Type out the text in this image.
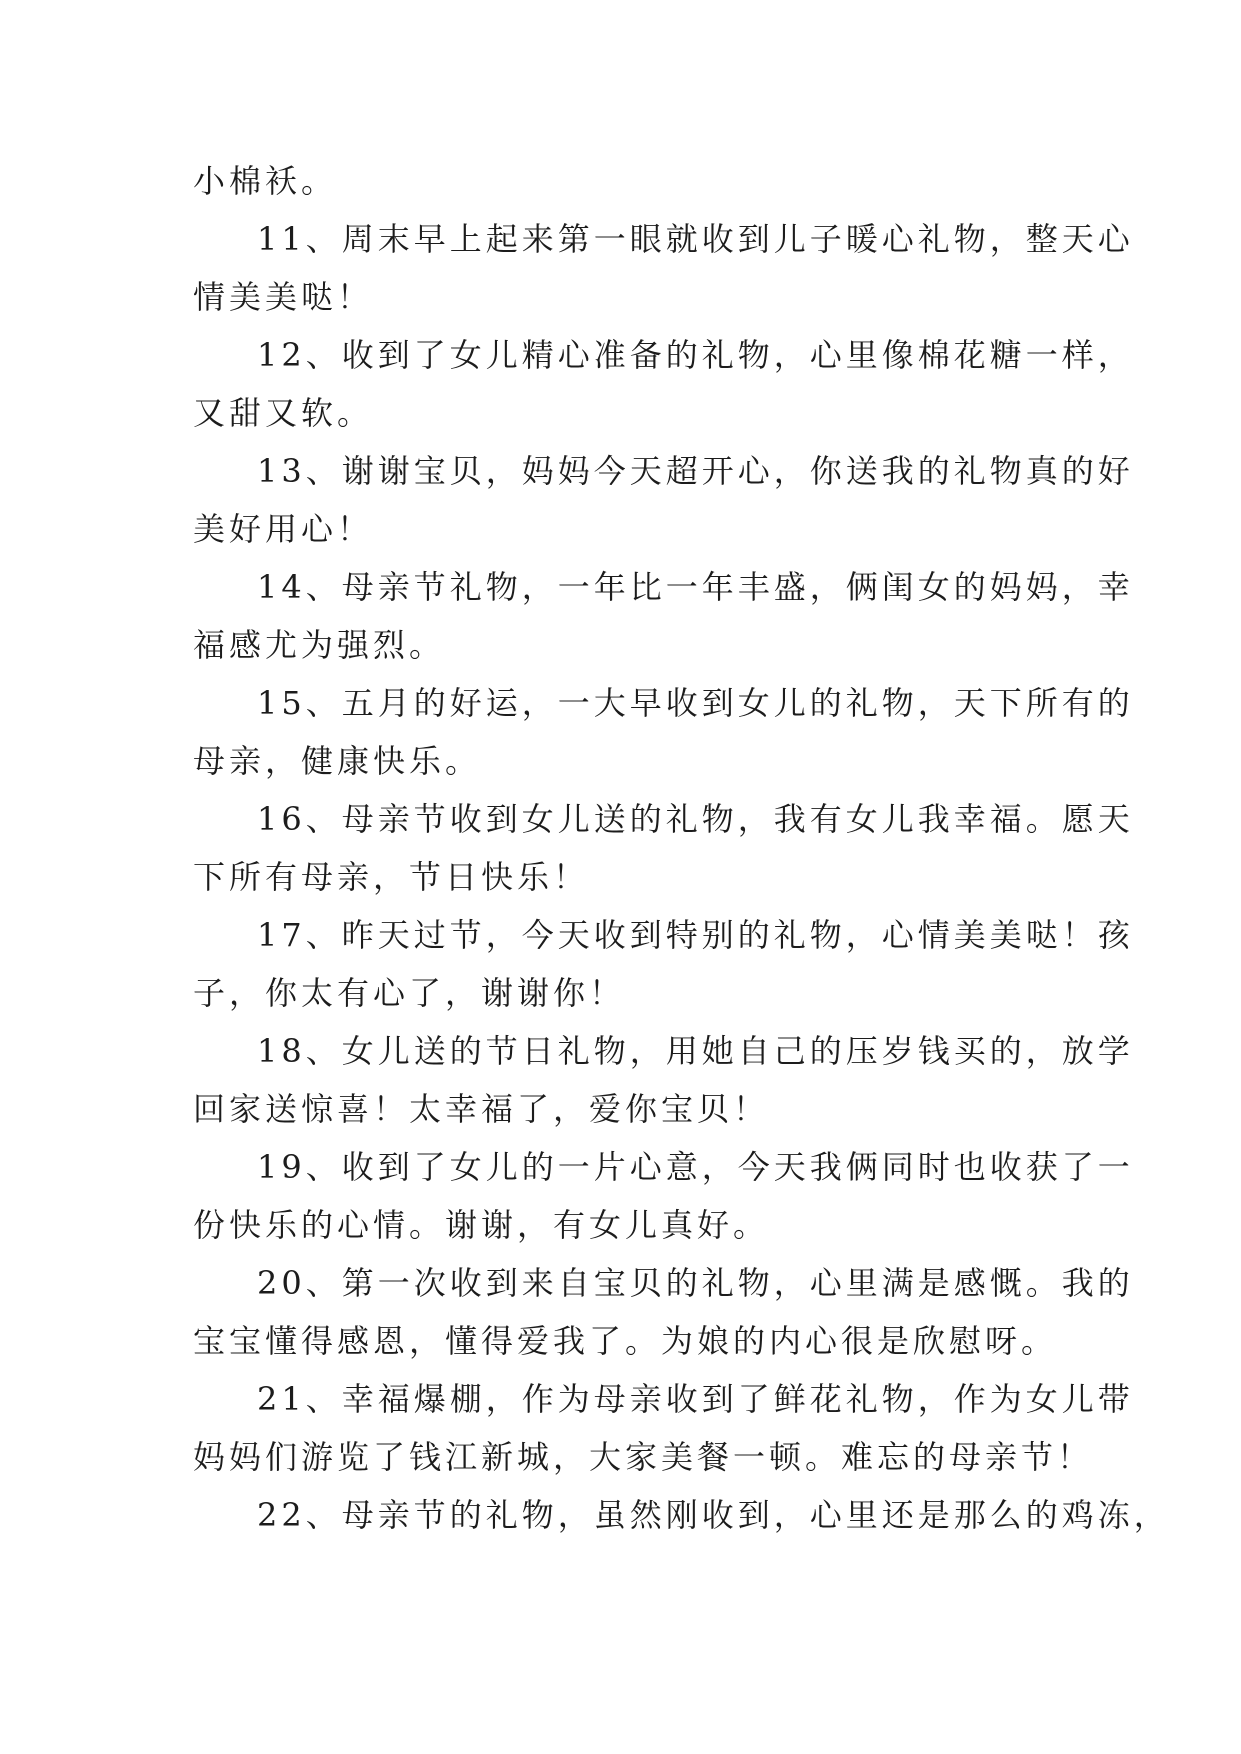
小棉袄。
11、周末早上起来第一眼就收到儿子暖心礼物，整天心
情美美哒！
12、收到了女儿精心准备的礼物，心里像棉花糖一样，
又甜又软。
13、谢谢宝贝，妈妈今天超开心，你送我的礼物真的好
美好用心！
14、母亲节礼物，一年比一年丰盛，俩闺女的妈妈，幸
福感尤为强烈。
15、五月的好运，一大早收到女儿的礼物，天下所有的
母亲，健康快乐。
16、母亲节收到女儿送的礼物，我有女儿我幸福。愿天
下所有母亲，节日快乐！
17、昨天过节，今天收到特别的礼物，心情美美哒！孩
子，你太有心了，谢谢你！
18、女儿送的节日礼物，用她自己的压岁钱买的，放学
回家送惊喜！太幸福了，爱你宝贝！
19、收到了女儿的一片心意，今天我俩同时也收获了一
份快乐的心情。谢谢，有女儿真好。
20、第一次收到来自宝贝的礼物，心里满是感慨。我的
宝宝懂得感恩，懂得爱我了。为娘的内心很是欣慰呀。
21、幸福爆棚，作为母亲收到了鲜花礼物，作为女儿带
妈妈们游览了钱江新城，大家美餐一顿。难忘的母亲节！
22、母亲节的礼物，虽然刚收到，心里还是那么的鸡冻，
